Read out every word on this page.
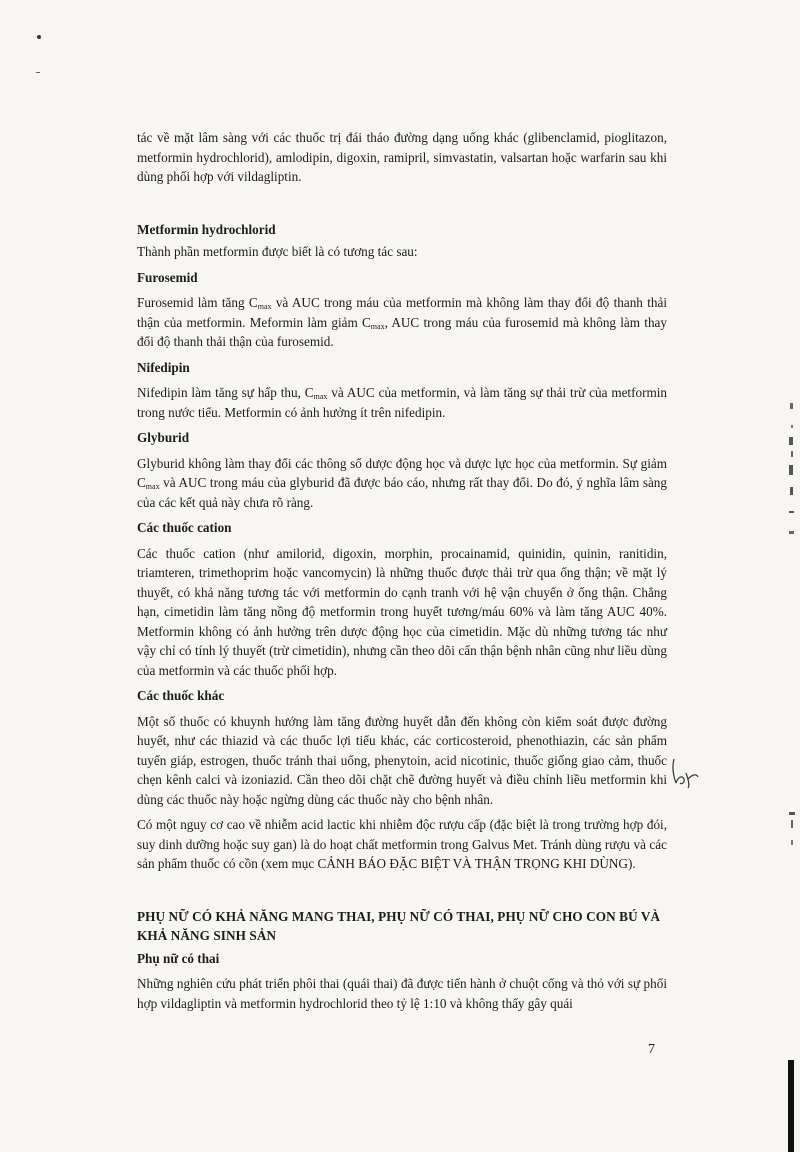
tác về mặt lâm sàng với các thuốc trị đái tháo đường dạng uống khác (glibenclamid, pioglitazon, metformin hydrochlorid), amlodipin, digoxin, ramipril, simvastatin, valsartan hoặc warfarin sau khi dùng phối hợp với vildagliptin.

Metformin hydrochlorid

Thành phần metformin được biết là có tương tác sau:

Furosemid

Furosemid làm tăng $C_{max}$ và AUC trong máu của metformin mà không làm thay đổi độ thanh thải thận của metformin. Meformin làm giảm $C_{max}$, AUC trong máu của furosemid mà không làm thay đổi độ thanh thải thận của furosemid.

Nifedipin

Nifedipin làm tăng sự hấp thu, $C_{max}$ và AUC của metformin, và làm tăng sự thải trừ của metformin trong nước tiểu. Metformin có ảnh hưởng ít trên nifedipin.

Glyburid

Glyburid không làm thay đổi các thông số dược động học và dược lực học của metformin. Sự giảm $C_{max}$ và AUC trong máu của glyburid đã được báo cáo, nhưng rất thay đổi. Do đó, ý nghĩa lâm sàng của các kết quả này chưa rõ ràng.

Các thuốc cation

Các thuốc cation (như amilorid, digoxin, morphin, procainamid, quinidin, quinin, ranitidin, triamteren, trimethoprim hoặc vancomycin) là những thuốc được thải trừ qua ống thận; về mặt lý thuyết, có khả năng tương tác với metformin do cạnh tranh với hệ vận chuyển ở ống thận. Chẳng hạn, cimetidin làm tăng nồng độ metformin trong huyết tương/máu 60% và làm tăng AUC 40%. Metformin không có ảnh hưởng trên dược động học của cimetidin. Mặc dù những tương tác như vậy chỉ có tính lý thuyết (trừ cimetidin), nhưng cần theo dõi cẩn thận bệnh nhân cũng như liều dùng của metformin và các thuốc phối hợp.

Các thuốc khác

Một số thuốc có khuynh hướng làm tăng đường huyết dẫn đến không còn kiểm soát được đường huyết, như các thiazid và các thuốc lợi tiểu khác, các corticosteroid, phenothiazin, các sản phẩm tuyến giáp, estrogen, thuốc tránh thai uống, phenytoin, acid nicotinic, thuốc giống giao cảm, thuốc chẹn kênh calci và izoniazid. Cần theo dõi chặt chẽ đường huyết và điều chỉnh liều metformin khi dùng các thuốc này hoặc ngừng dùng các thuốc này cho bệnh nhân.

Có một nguy cơ cao về nhiễm acid lactic khi nhiễm độc rượu cấp (đặc biệt là trong trường hợp đói, suy dinh dưỡng hoặc suy gan) là do hoạt chất metformin trong Galvus Met. Tránh dùng rượu và các sản phẩm thuốc có cồn (xem mục CẢNH BÁO ĐẶC BIỆT VÀ THẬN TRỌNG KHI DÙNG).

PHỤ NỮ CÓ KHẢ NĂNG MANG THAI, PHỤ NỮ CÓ THAI, PHỤ NỮ CHO CON BÚ VÀ KHẢ NĂNG SINH SẢN
Phụ nữ có thai

Những nghiên cứu phát triển phôi thai (quái thai) đã được tiến hành ở chuột cống và thỏ với sự phối hợp vildagliptin và metformin hydrochlorid theo tỷ lệ 1:10 và không thấy gây quái

7
